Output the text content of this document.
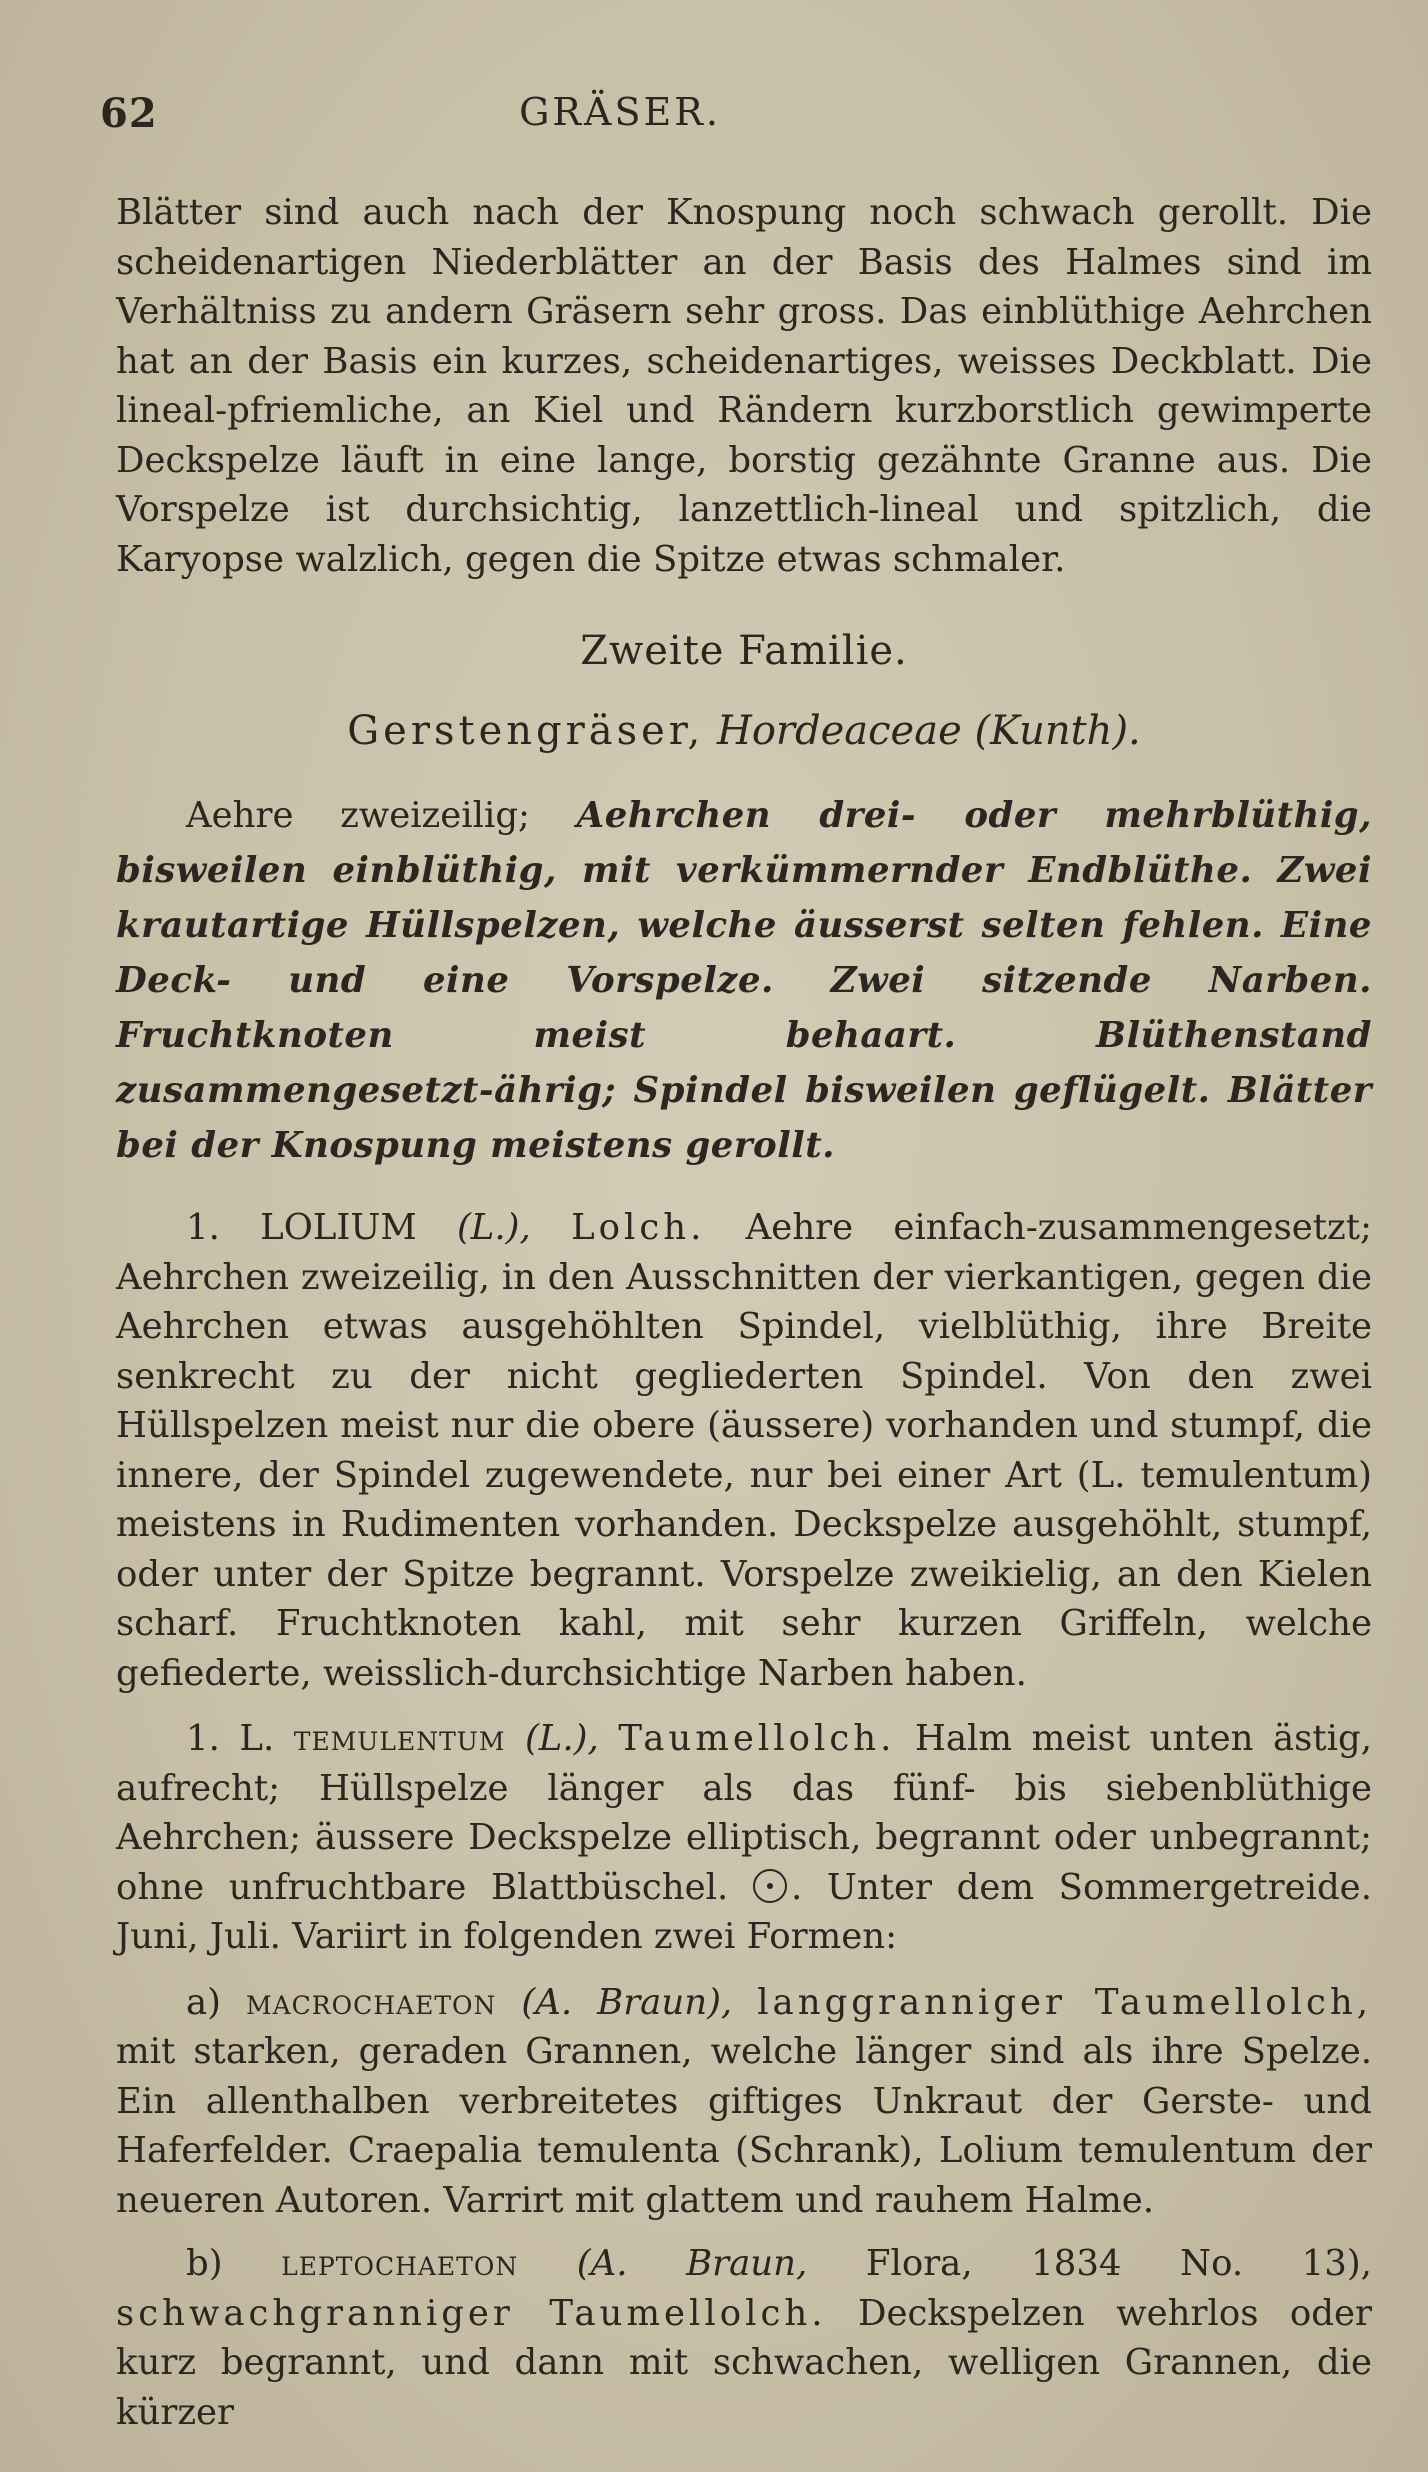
62	GRÄSER.

Blätter sind auch nach der Knospung noch schwach gerollt. Die scheidenartigen Niederblätter an der Basis des Halmes sind im Verhältniss zu andern Gräsern sehr gross. Das einblüthige Aehrchen hat an der Basis ein kurzes, scheidenartiges, weisses Deckblatt. Die lineal-pfriemliche, an Kiel und Rändern kurzborstlich gewimperte Deckspelze läuft in eine lange, borstig gezähnte Granne aus. Die Vorspelze ist durchsichtig, lanzettlich-lineal und spitzlich, die Karyopse walzlich, gegen die Spitze etwas schmaler.

Zweite Familie.
Gerstengräser, Hordeaceae (Kunth).
Aehre zweizeilig; Aehrchen drei- oder mehrblüthig, bisweilen einblüthig, mit verkümmernder Endblüthe. Zwei krautartige Hüllspelzen, welche äusserst selten fehlen. Eine Deck- und eine Vorspelze. Zwei sitzende Narben. Fruchtknoten meist behaart. Blüthenstand zusammengesetzt-ährig; Spindel bisweilen geflügelt. Blätter bei der Knospung meistens gerollt.

1. LOLIUM (L.), Lolch. Aehre einfach-zusammengesetzt; Aehrchen zweizeilig, in den Ausschnitten der vierkantigen, gegen die Aehrchen etwas ausgehöhlten Spindel, vielblüthig, ihre Breite senkrecht zu der nicht gegliederten Spindel. Von den zwei Hüllspelzen meist nur die obere (äussere) vorhanden und stumpf, die innere, der Spindel zugewendete, nur bei einer Art (L. temulentum) meistens in Rudimenten vorhanden. Deckspelze ausgehöhlt, stumpf, oder unter der Spitze begrannt. Vorspelze zweikielig, an den Kielen scharf. Fruchtknoten kahl, mit sehr kurzen Griffeln, welche gefiederte, weisslich-durchsichtige Narben haben.

1. L. temulentum (L.), Taumellolch. Halm meist unten ästig, aufrecht; Hüllspelze länger als das fünf- bis siebenblüthige Aehrchen; äussere Deckspelze elliptisch, begrannt oder unbegrannt; ohne unfruchtbare Blattbüschel. . Unter dem Sommergetreide. Juni, Juli. Variirt in folgenden zwei Formen:

a) macrochaeton (A. Braun), langgranniger Taumellolch, mit starken, geraden Grannen, welche länger sind als ihre Spelze. Ein allenthalben verbreitetes giftiges Unkraut der Gerste- und Haferfelder. Craepalia temulenta (Schrank), Lolium temulentum der neueren Autoren. Varrirt mit glattem und rauhem Halme.

b) leptochaeton (A. Braun, Flora, 1834 No. 13), schwachgranniger Taumellolch. Deckspelzen wehrlos oder kurz begrannt, und dann mit schwachen, welligen Grannen, die kürzer
